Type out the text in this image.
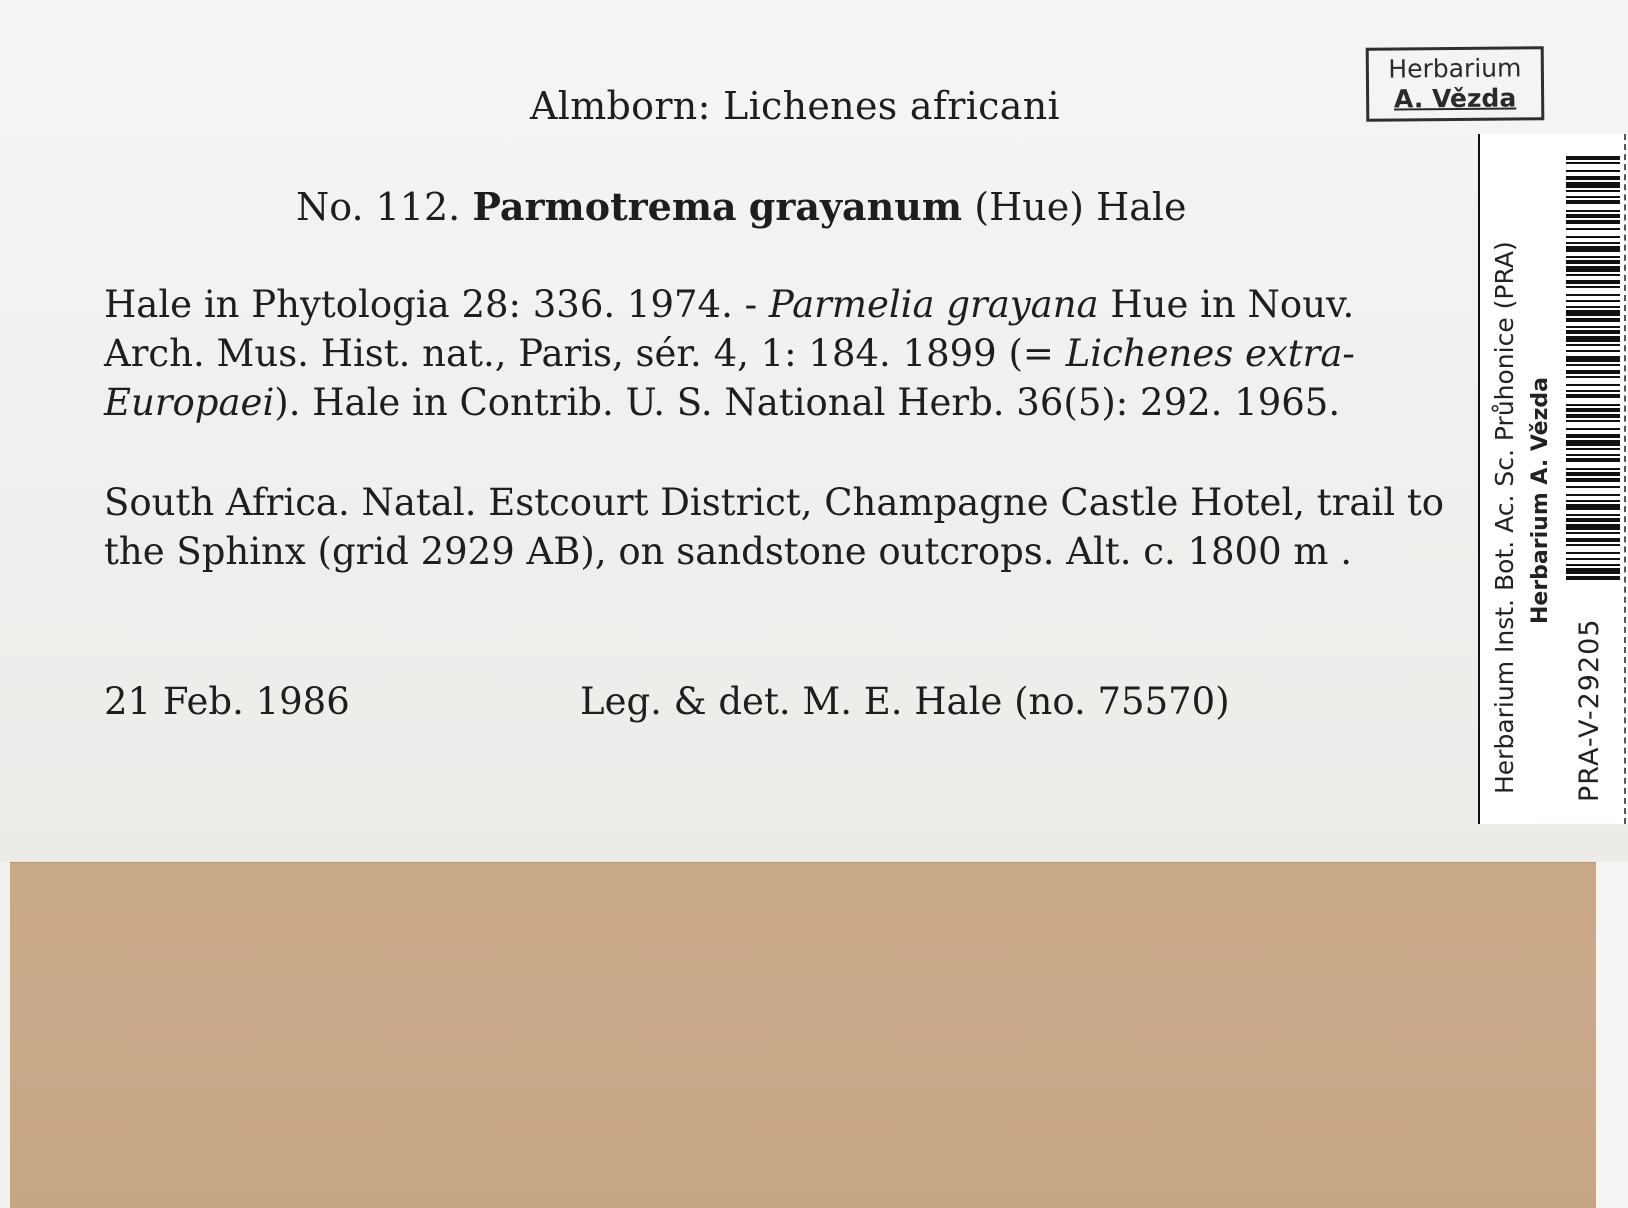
Herbarium
A. Vězda
Almborn: Lichenes africani
No. 112. Parmotrema grayanum (Hue) Hale
Hale in Phytologia 28: 336. 1974. - Parmelia grayana Hue in Nouv. Arch. Mus. Hist. nat., Paris, sér. 4, 1: 184. 1899 (= Lichenes extra-Europaei). Hale in Contrib. U. S. National Herb. 36(5): 292. 1965.
South Africa. Natal. Estcourt District, Champagne Castle Hotel, trail to the Sphinx (grid 2929 AB), on sandstone outcrops. Alt. c. 1800 m .
21 Feb. 1986	Leg. & det. M. E. Hale (no. 75570)	Herbarium Inst. Bot. Ac. Sc. Průhonice (PRA) Herbarium A. Vězda
PRA-V-29205
